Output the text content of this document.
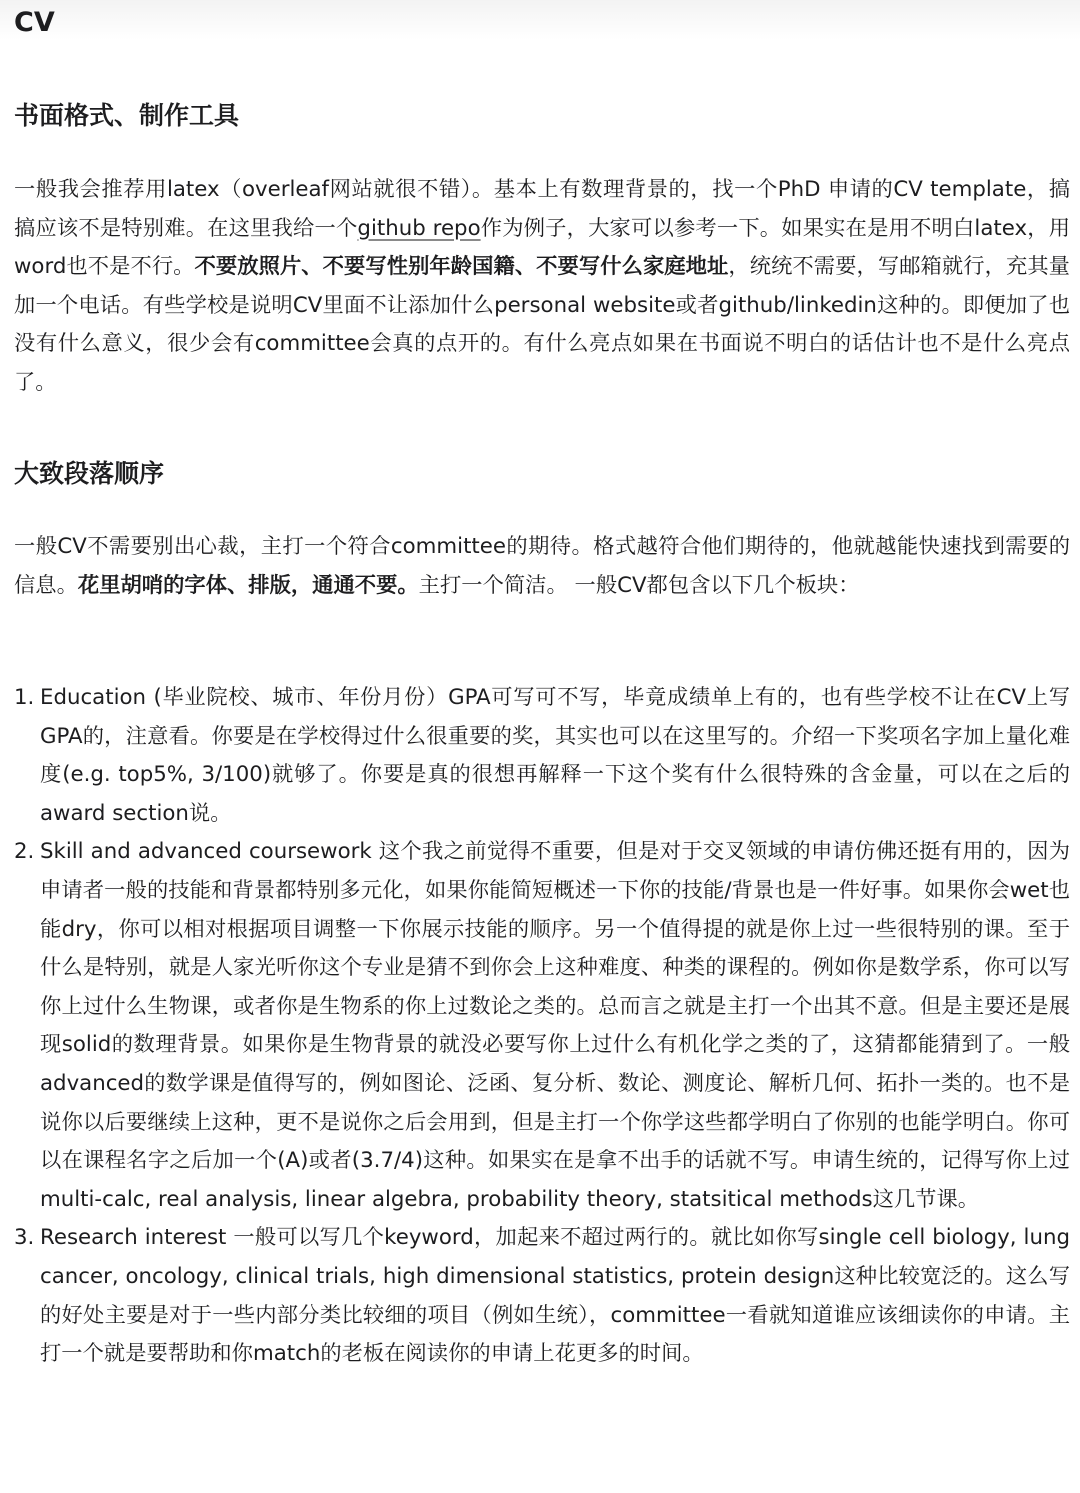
CV
书面格式、制作工具

一般我会推荐用latex（overleaf网站就很不错）。基本上有数理背景的，找一个PhD 申请的CV template，搞搞应该不是特别难。在这里我给一个github repo作为例子，大家可以参考一下。如果实在是用不明白latex，用word也不是不行。不要放照片、不要写性别年龄国籍、不要写什么家庭地址，统统不需要，写邮箱就行，充其量加一个电话。有些学校是说明CV里面不让添加什么personal website或者github/linkedin这种的。即便加了也没有什么意义，很少会有committee会真的点开的。有什么亮点如果在书面说不明白的话估计也不是什么亮点了。

大致段落顺序

一般CV不需要别出心裁，主打一个符合committee的期待。格式越符合他们期待的，他就越能快速找到需要的信息。花里胡哨的字体、排版，通通不要。主打一个简洁。 一般CV都包含以下几个板块：

1. Education (毕业院校、城市、年份月份）GPA可写可不写，毕竟成绩单上有的，也有些学校不让在CV上写GPA的，注意看。你要是在学校得过什么很重要的奖，其实也可以在这里写的。介绍一下奖项名字加上量化难度(e.g. top5%, 3/100)就够了。你要是真的很想再解释一下这个奖有什么很特殊的含金量，可以在之后的award section说。
2. Skill and advanced coursework 这个我之前觉得不重要，但是对于交叉领域的申请仿佛还挺有用的，因为申请者一般的技能和背景都特别多元化，如果你能简短概述一下你的技能/背景也是一件好事。如果你会wet也能dry，你可以相对根据项目调整一下你展示技能的顺序。另一个值得提的就是你上过一些很特别的课。至于什么是特别，就是人家光听你这个专业是猜不到你会上这种难度、种类的课程的。例如你是数学系，你可以写你上过什么生物课，或者你是生物系的你上过数论之类的。总而言之就是主打一个出其不意。但是主要还是展现solid的数理背景。如果你是生物背景的就没必要写你上过什么有机化学之类的了，这猜都能猜到了。一般advanced的数学课是值得写的，例如图论、泛函、复分析、数论、测度论、解析几何、拓扑一类的。也不是说你以后要继续上这种，更不是说你之后会用到，但是主打一个你学这些都学明白了你别的也能学明白。你可以在课程名字之后加一个(A)或者(3.7/4)这种。如果实在是拿不出手的话就不写。申请生统的，记得写你上过multi-calc, real analysis, linear algebra, probability theory, statsitical methods这几节课。
3. Research interest 一般可以写几个keyword，加起来不超过两行的。就比如你写single cell biology, lung cancer, oncology, clinical trials, high dimensional statistics, protein design这种比较宽泛的。这么写的好处主要是对于一些内部分类比较细的项目（例如生统），committee一看就知道谁应该细读你的申请。主打一个就是要帮助和你match的老板在阅读你的申请上花更多的时间。
